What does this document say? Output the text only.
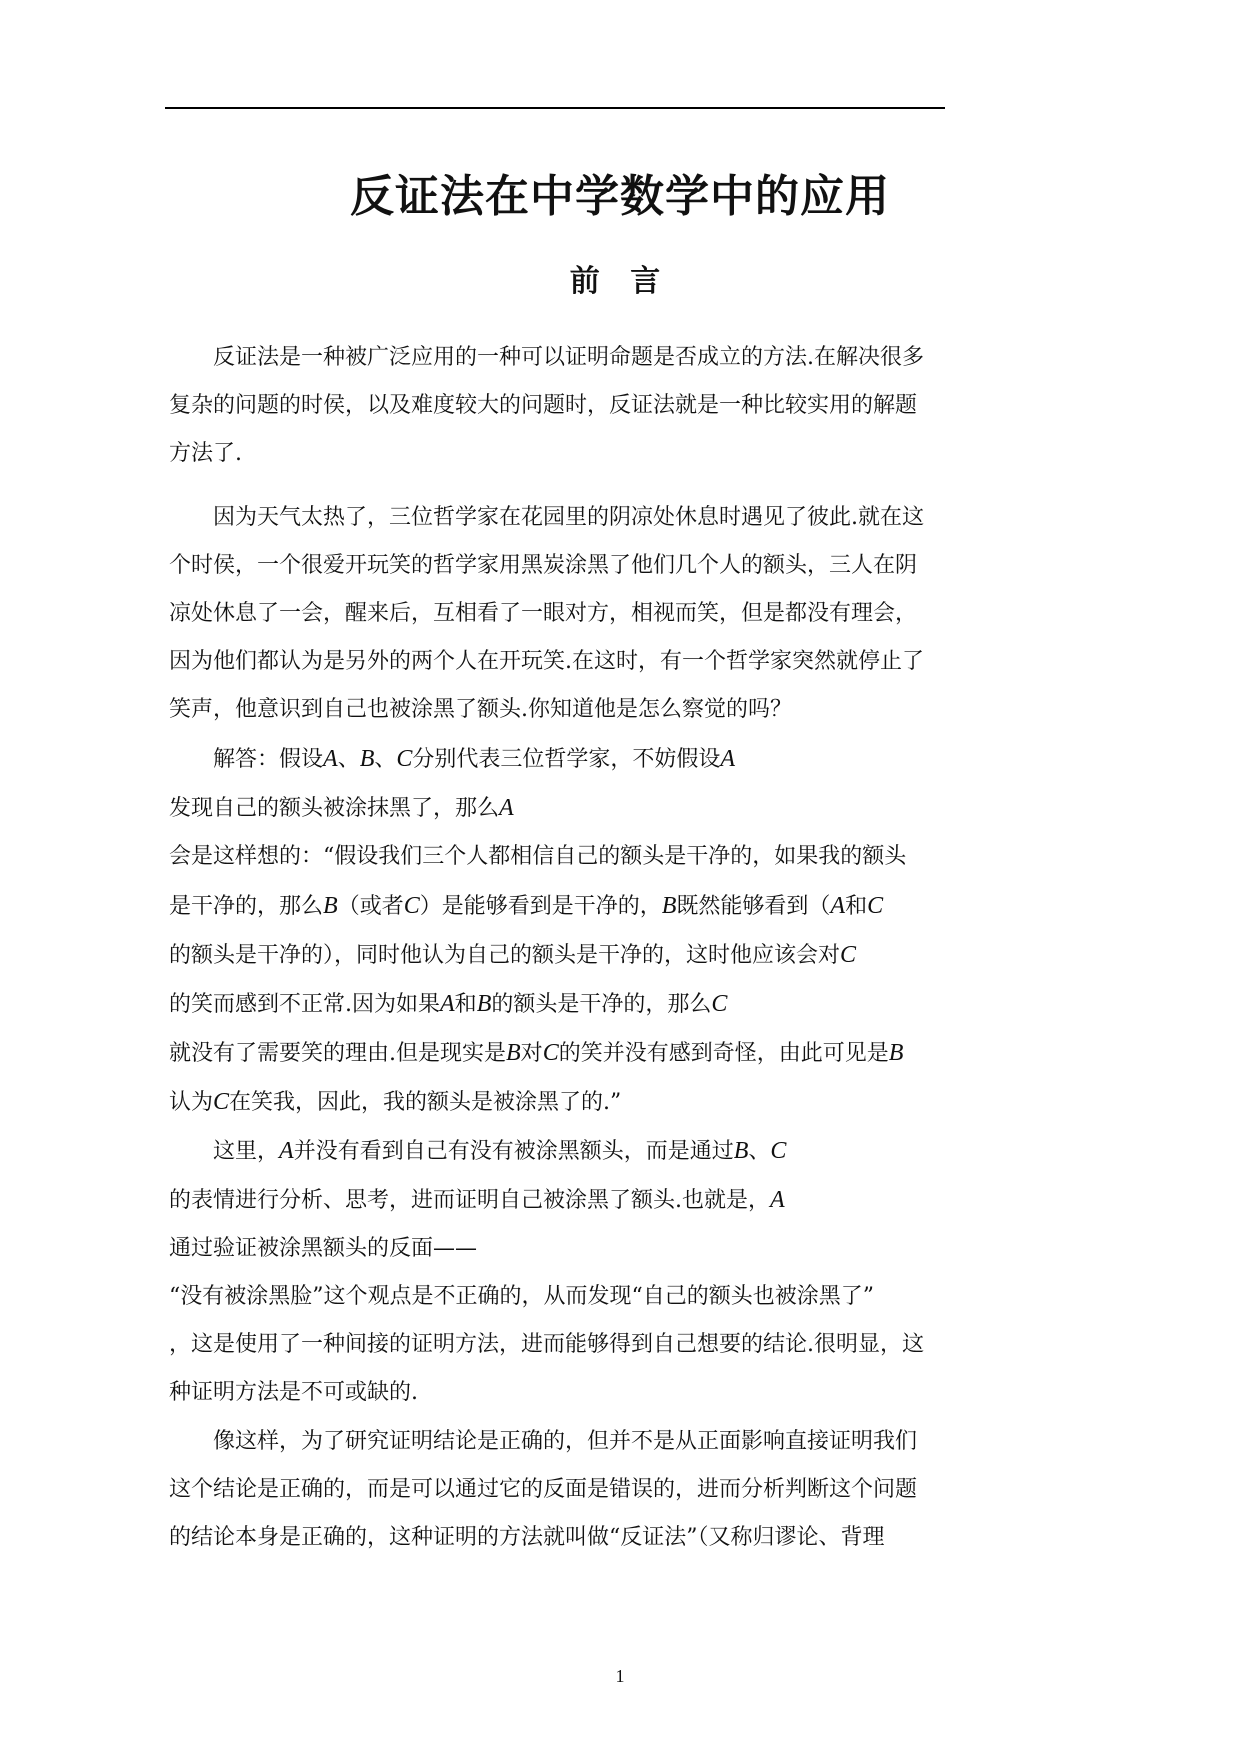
反证法在中学数学中的应用
前 言
反证法是一种被广泛应用的一种可以证明命题是否成立的方法.在解决很多
复杂的问题的时侯，以及难度较大的问题时，反证法就是一种比较实用的解题
方法了.
因为天气太热了，三位哲学家在花园里的阴凉处休息时遇见了彼此.就在这
个时侯，一个很爱开玩笑的哲学家用黑炭涂黑了他们几个人的额头，三人在阴
凉处休息了一会，醒来后，互相看了一眼对方，相视而笑，但是都没有理会，
因为他们都认为是另外的两个人在开玩笑.在这时，有一个哲学家突然就停止了
笑声，他意识到自己也被涂黑了额头.你知道他是怎么察觉的吗？
解答：假设A、B、C分别代表三位哲学家，不妨假设A
发现自己的额头被涂抹黑了，那么A
会是这样想的：“假设我们三个人都相信自己的额头是干净的，如果我的额头
是干净的，那么B（或者C）是能够看到是干净的，B既然能够看到（A和C
的额头是干净的），同时他认为自己的额头是干净的，这时他应该会对C
的笑而感到不正常.因为如果A和B的额头是干净的，那么C
就没有了需要笑的理由.但是现实是B对C的笑并没有感到奇怪，由此可见是B
认为C在笑我，因此，我的额头是被涂黑了的.”
这里，A并没有看到自己有没有被涂黑额头，而是通过B、C
的表情进行分析、思考，进而证明自己被涂黑了额头.也就是，A
通过验证被涂黑额头的反面——
“没有被涂黑脸”这个观点是不正确的，从而发现“自己的额头也被涂黑了”
，这是使用了一种间接的证明方法，进而能够得到自己想要的结论.很明显，这
种证明方法是不可或缺的.
像这样，为了研究证明结论是正确的，但并不是从正面影响直接证明我们
这个结论是正确的，而是可以通过它的反面是错误的，进而分析判断这个问题
的结论本身是正确的，这种证明的方法就叫做“反证法”（又称归谬论、背理
1
